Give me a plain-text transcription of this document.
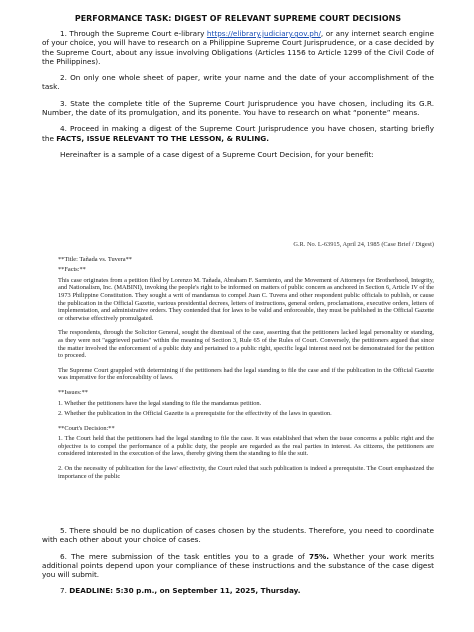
PERFORMANCE TASK: DIGEST OF RELEVANT SUPREME COURT DECISIONS

1. Through the Supreme Court e-library https://elibrary.judiciary.gov.ph/, or any internet search engine of your choice, you will have to research on a Philippine Supreme Court Jurisprudence, or a case decided by the Supreme Court, about any issue involving Obligations (Articles 1156 to Article 1299 of the Civil Code of the Philippines).

2. On only one whole sheet of paper, write your name and the date of your accomplishment of the task.

3. State the complete title of the Supreme Court Jurisprudence you have chosen, including its G.R. Number, the date of its promulgation, and its ponente. You have to research on what “ponente” means.

4. Proceed in making a digest of the Supreme Court Jurisprudence you have chosen, starting briefly the FACTS, ISSUE RELEVANT TO THE LESSON, & RULING.

Hereinafter is a sample of a case digest of a Supreme Court Decision, for your benefit:

G.R. No. L-63915, April 24, 1985 (Case Brief / Digest)

**Title: Tañada vs. Tuvera**

**Facts:**

This case originates from a petition filed by Lorenzo M. Tañada, Abraham F. Sarmiento, and the Movement of Attorneys for Brotherhood, Integrity, and Nationalism, Inc. (MABINI), invoking the people's right to be informed on matters of public concern as anchored in Section 6, Article IV of the 1973 Philippine Constitution. They sought a writ of mandamus to compel Juan C. Tuvera and other respondent public officials to publish, or cause the publication in the Official Gazette, various presidential decrees, letters of instructions, general orders, proclamations, executive orders, letters of implementation, and administrative orders. They contended that for laws to be valid and enforceable, they must be published in the Official Gazette or otherwise effectively promulgated.

The respondents, through the Solicitor General, sought the dismissal of the case, asserting that the petitioners lacked legal personality or standing, as they were not "aggrieved parties" within the meaning of Section 3, Rule 65 of the Rules of Court. Conversely, the petitioners argued that since the matter involved the enforcement of a public duty and pertained to a public right, specific legal interest need not be demonstrated for the petition to proceed.

The Supreme Court grappled with determining if the petitioners had the legal standing to file the case and if the publication in the Official Gazette was imperative for the enforceability of laws.

**Issues:**

1. Whether the petitioners have the legal standing to file the mandamus petition.

2. Whether the publication in the Official Gazette is a prerequisite for the effectivity of the laws in question.

**Court's Decision:**

1. The Court held that the petitioners had the legal standing to file the case. It was established that when the issue concerns a public right and the objective is to compel the performance of a public duty, the people are regarded as the real parties in interest. As citizens, the petitioners are considered interested in the execution of the laws, thereby giving them the standing to file the suit.

2. On the necessity of publication for the laws' effectivity, the Court ruled that such publication is indeed a prerequisite. The Court emphasized the importance of the public

5. There should be no duplication of cases chosen by the students. Therefore, you need to coordinate with each other about your choice of cases.

6. The mere submission of the task entitles you to a grade of 75%. Whether your work merits additional points depend upon your compliance of these instructions and the substance of the case digest you will submit.

7. DEADLINE: 5:30 p.m., on September 11, 2025, Thursday.
